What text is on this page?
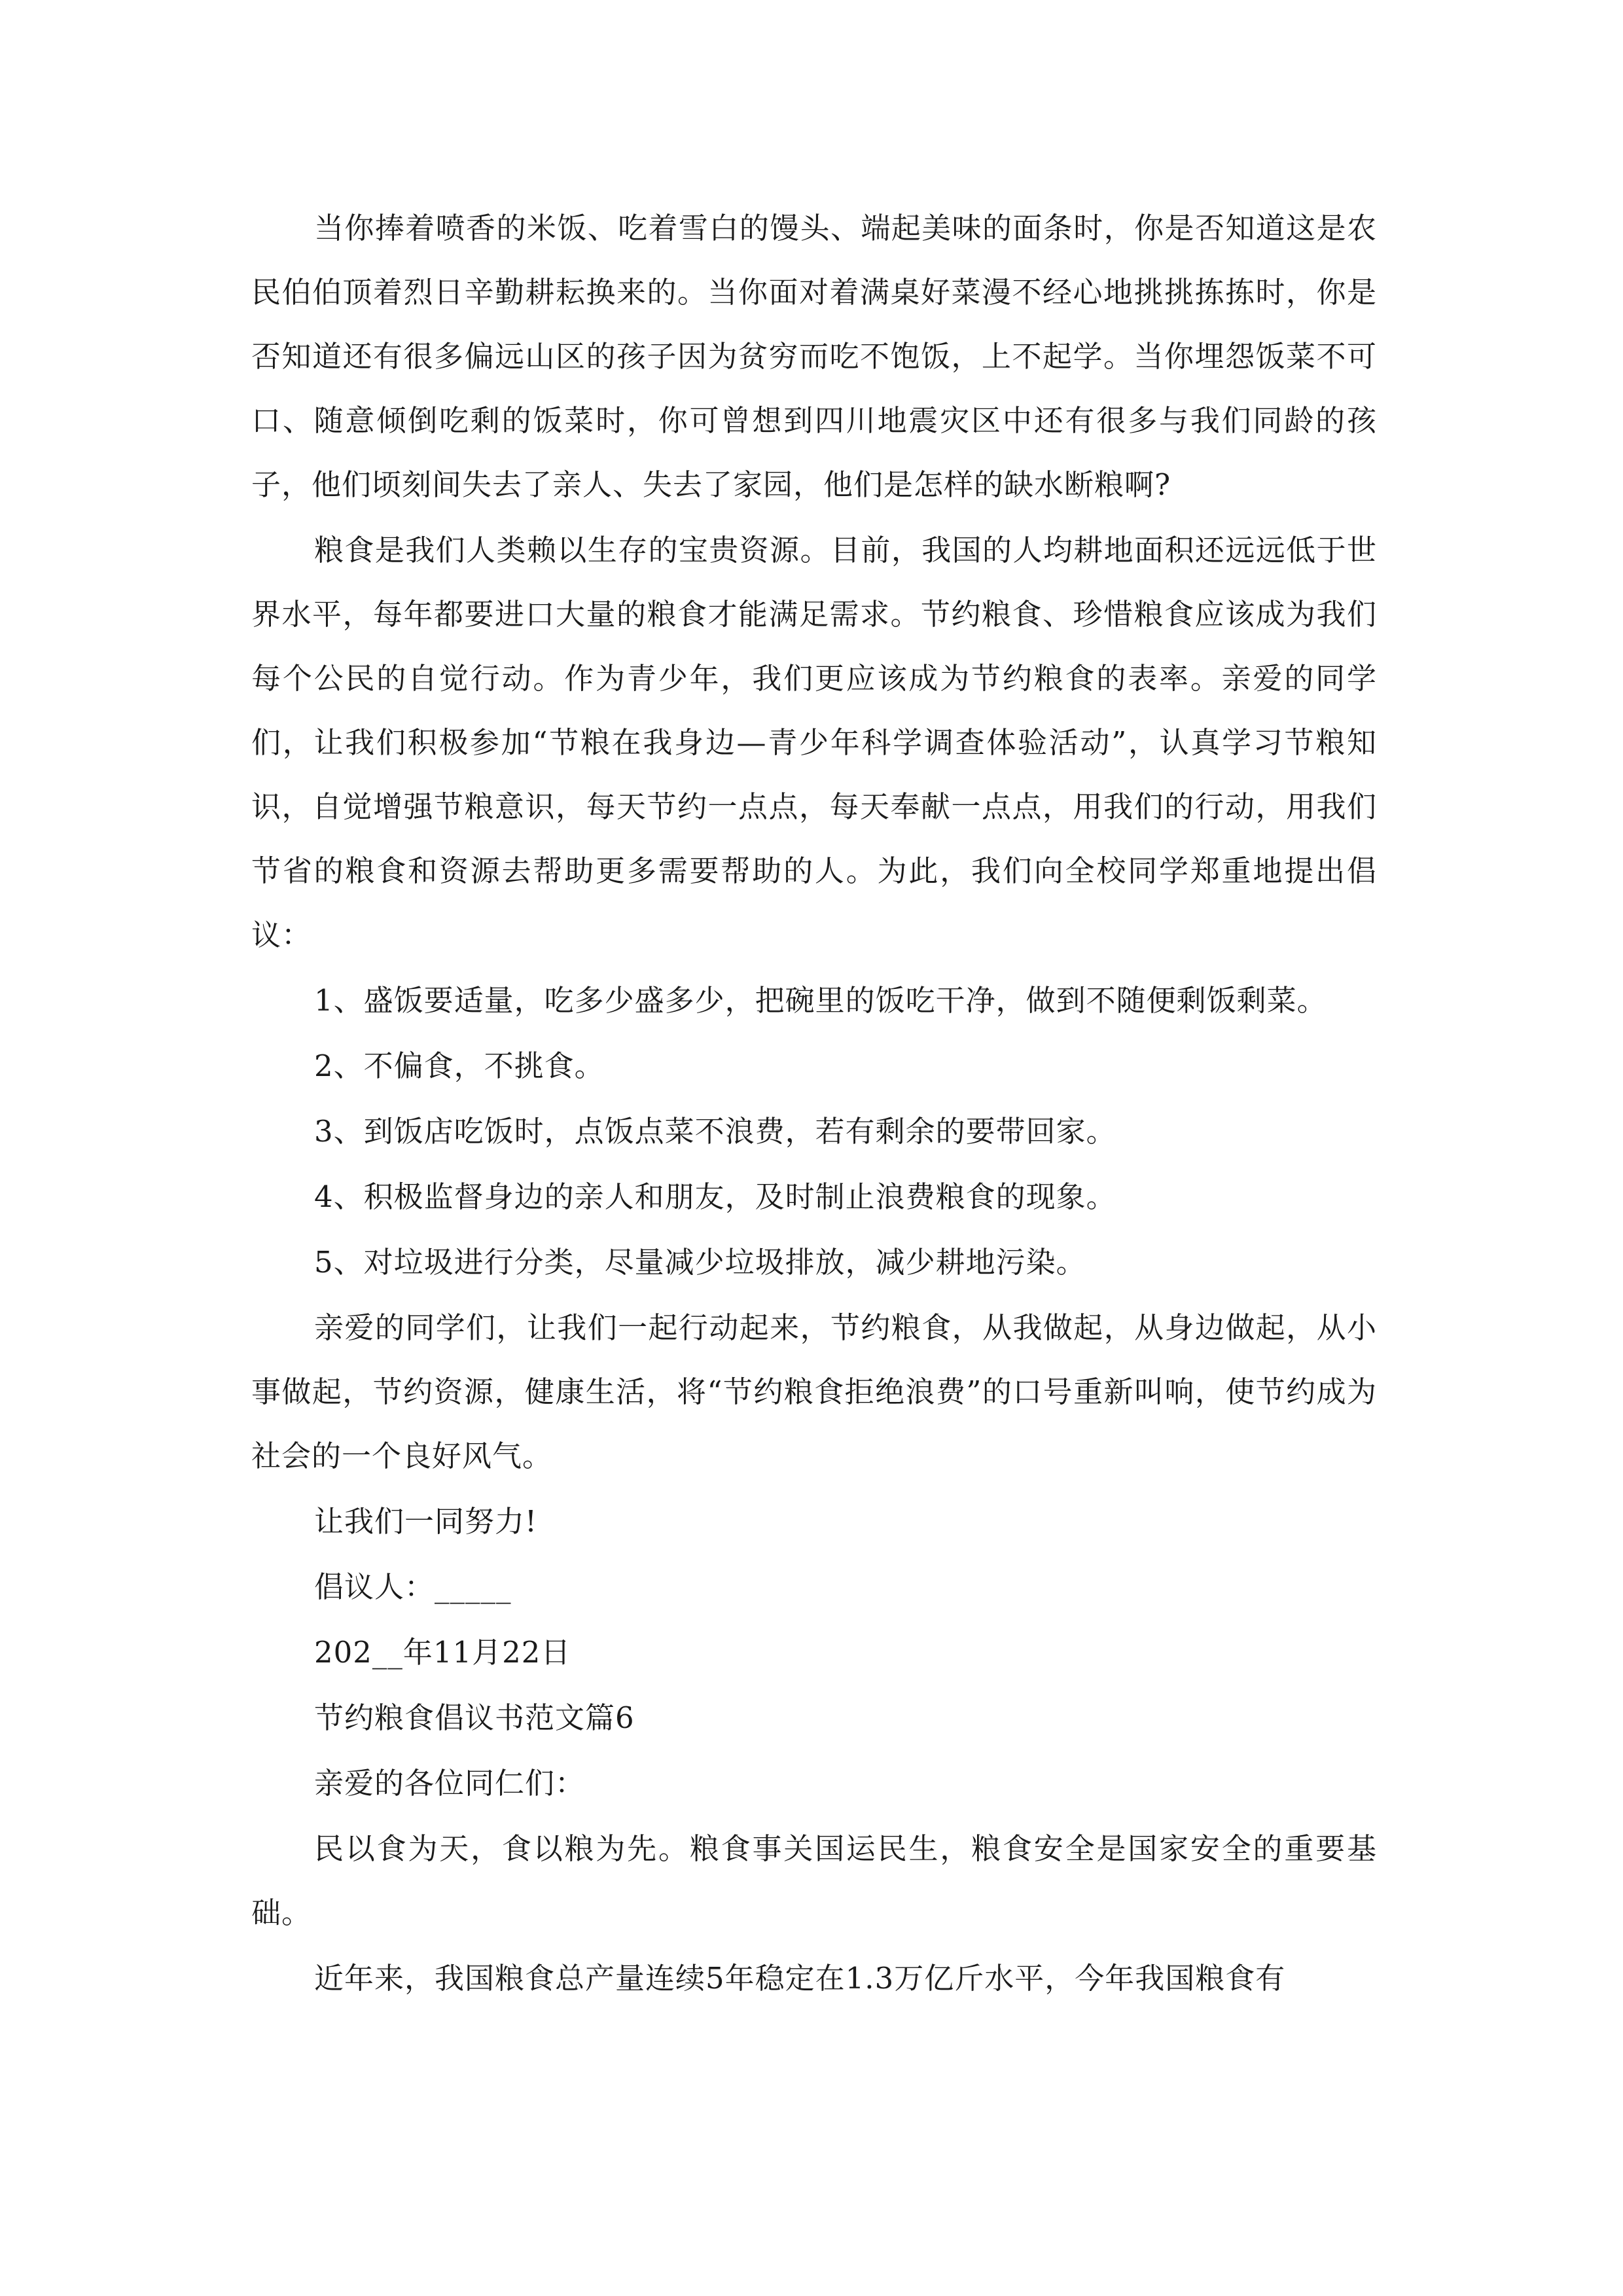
当你捧着喷香的米饭、吃着雪白的馒头、端起美味的面条时，你是否知道这是农民伯伯顶着烈日辛勤耕耘换来的。当你面对着满桌好菜漫不经心地挑挑拣拣时，你是否知道还有很多偏远山区的孩子因为贫穷而吃不饱饭，上不起学。当你埋怨饭菜不可口、随意倾倒吃剩的饭菜时，你可曾想到四川地震灾区中还有很多与我们同龄的孩子，他们顷刻间失去了亲人、失去了家园，他们是怎样的缺水断粮啊?

粮食是我们人类赖以生存的宝贵资源。目前，我国的人均耕地面积还远远低于世界水平，每年都要进口大量的粮食才能满足需求。节约粮食、珍惜粮食应该成为我们每个公民的自觉行动。作为青少年，我们更应该成为节约粮食的表率。亲爱的同学们，让我们积极参加“节粮在我身边—青少年科学调查体验活动”，认真学习节粮知识，自觉增强节粮意识，每天节约一点点，每天奉献一点点，用我们的行动，用我们节省的粮食和资源去帮助更多需要帮助的人。为此，我们向全校同学郑重地提出倡议：

1、盛饭要适量，吃多少盛多少，把碗里的饭吃干净，做到不随便剩饭剩菜。

2、不偏食，不挑食。

3、到饭店吃饭时，点饭点菜不浪费，若有剩余的要带回家。

4、积极监督身边的亲人和朋友，及时制止浪费粮食的现象。

5、对垃圾进行分类，尽量减少垃圾排放，减少耕地污染。

亲爱的同学们，让我们一起行动起来，节约粮食，从我做起，从身边做起，从小事做起，节约资源，健康生活，将“节约粮食拒绝浪费”的口号重新叫响，使节约成为社会的一个良好风气。

让我们一同努力!

倡议人：_____

202__年11月22日

节约粮食倡议书范文篇6

亲爱的各位同仁们：

民以食为天，食以粮为先。粮食事关国运民生，粮食安全是国家安全的重要基础。

近年来，我国粮食总产量连续5年稳定在1.3万亿斤水平，今年我国粮食有
